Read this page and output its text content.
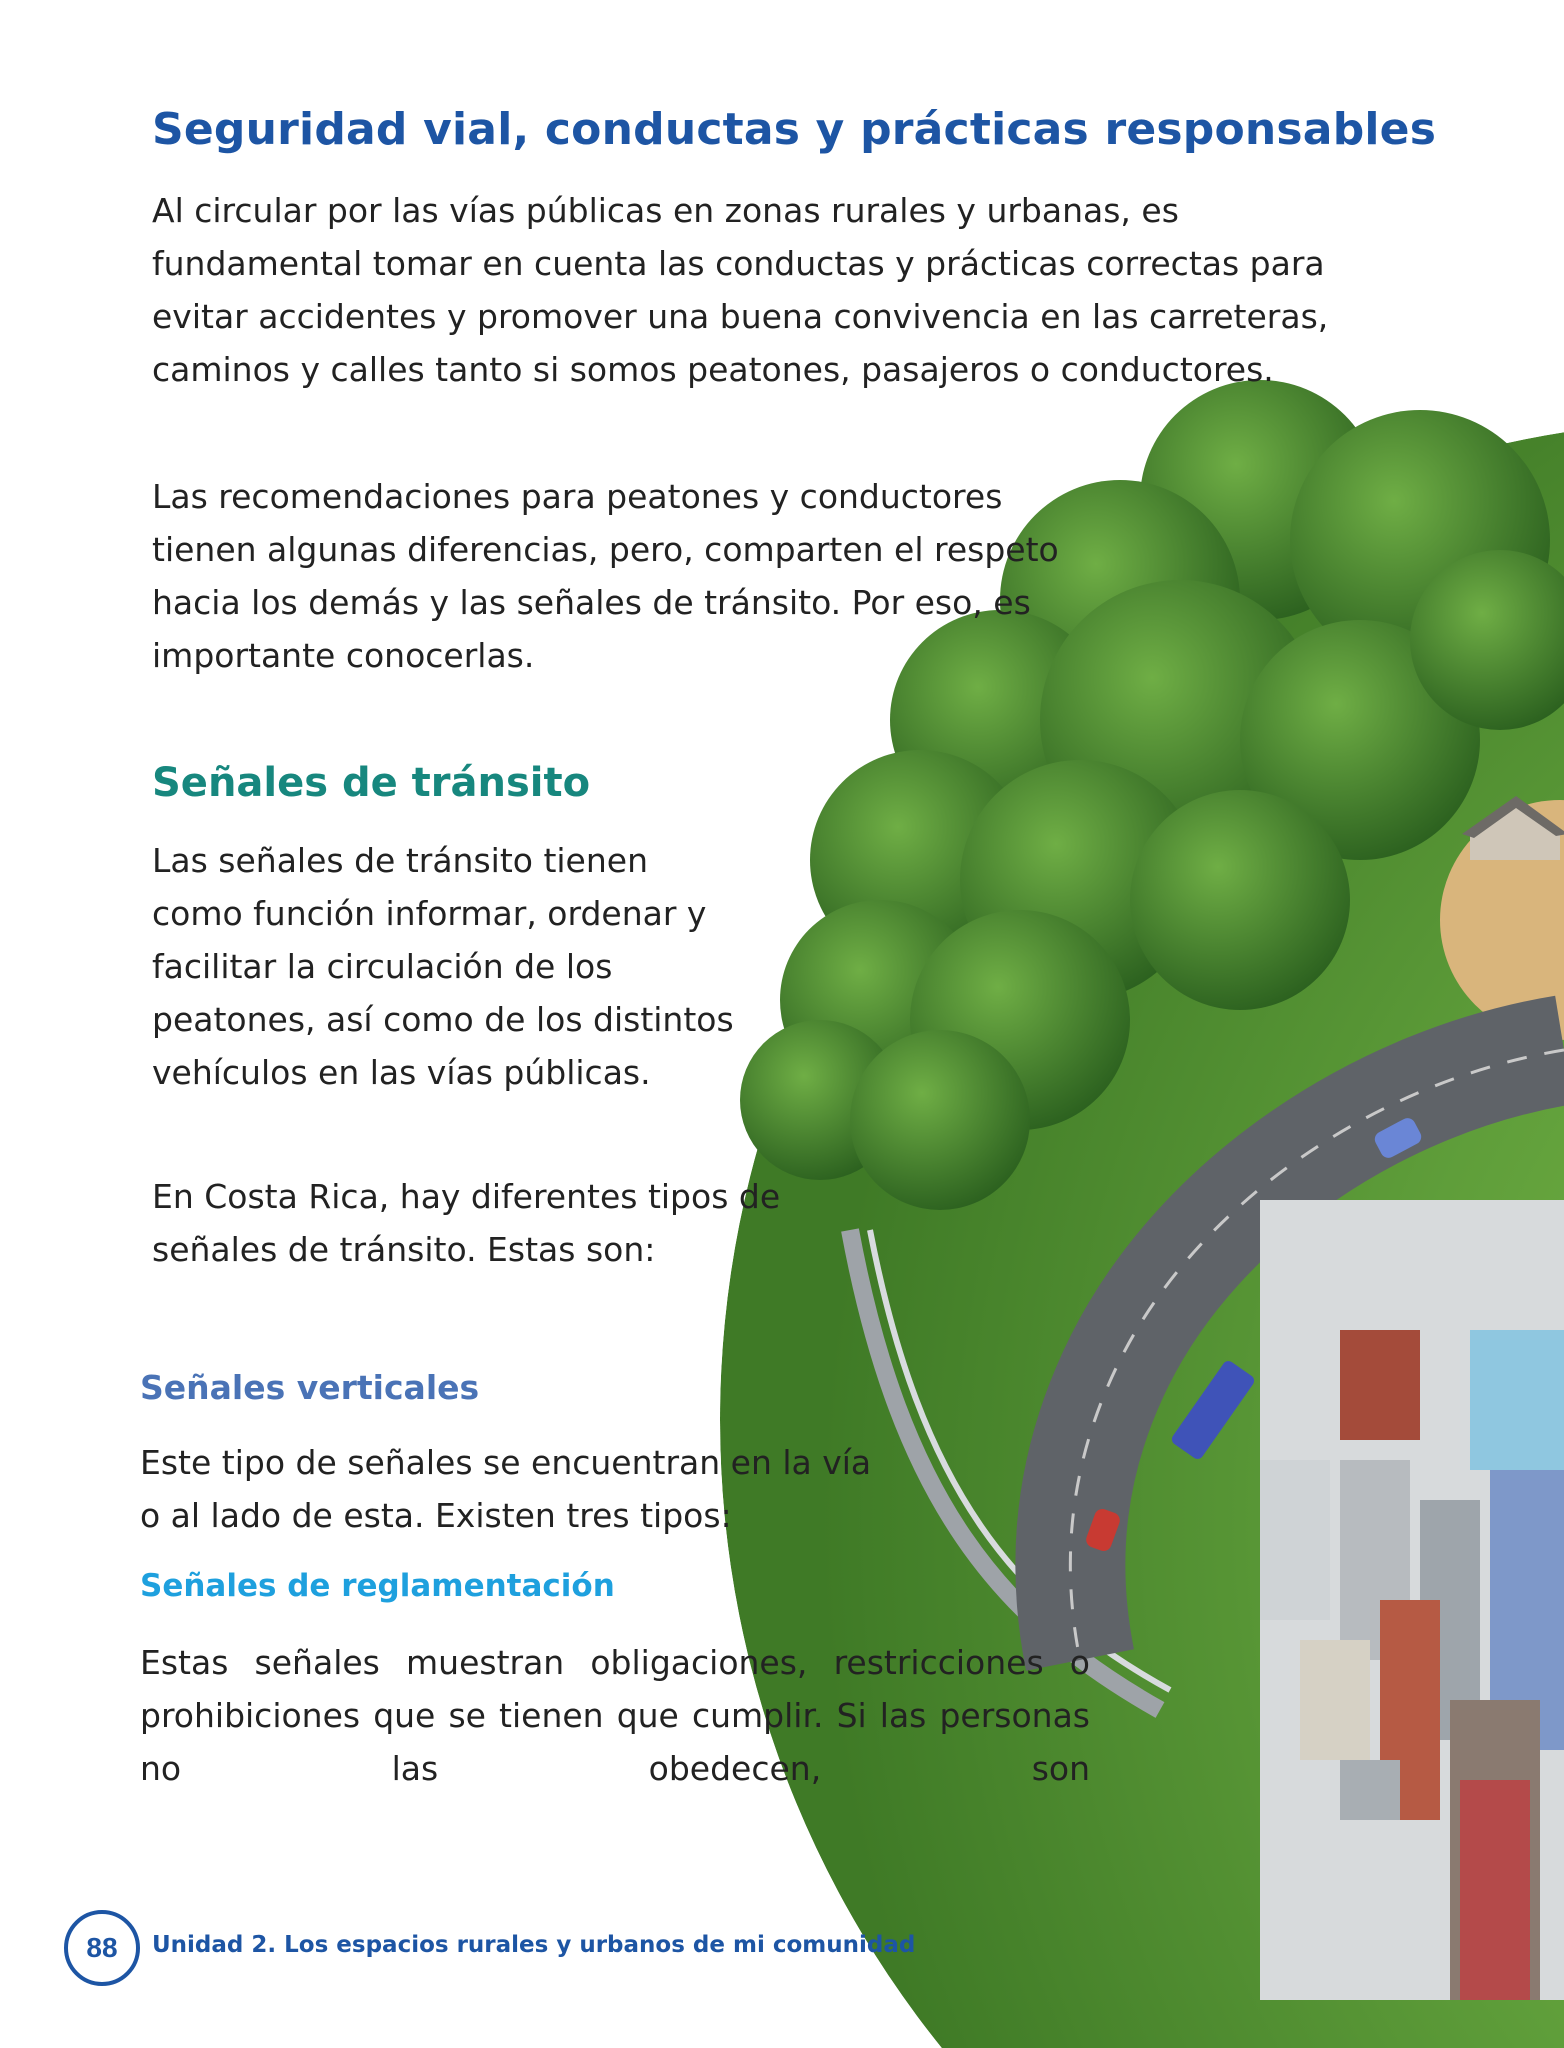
Seguridad vial, conductas y prácticas responsables

Al circular por las vías públicas en zonas rurales y urbanas, es fundamental tomar en cuenta las conductas y prácticas correctas para evitar accidentes y promover una buena convivencia en las carreteras, caminos y calles tanto si somos peatones, pasajeros o conductores.

Las recomendaciones para peatones y conductores tienen algunas diferencias, pero, comparten el respeto hacia los demás y las señales de tránsito. Por eso, es importante conocerlas.

Señales de tránsito

Las señales de tránsito tienen como función informar, ordenar y facilitar la circulación de los peatones, así como de los distintos vehículos en las vías públicas.

En Costa Rica, hay diferentes tipos de señales de tránsito. Estas son:

Señales verticales

Este tipo de señales se encuentran en la vía o al lado de esta. Existen tres tipos:

Señales de reglamentación

Estas señales muestran obligaciones, restricciones o prohibiciones que se tienen que cumplir. Si las personas no las obedecen, son

88	Unidad 2. Los espacios rurales y urbanos de mi comunidad
